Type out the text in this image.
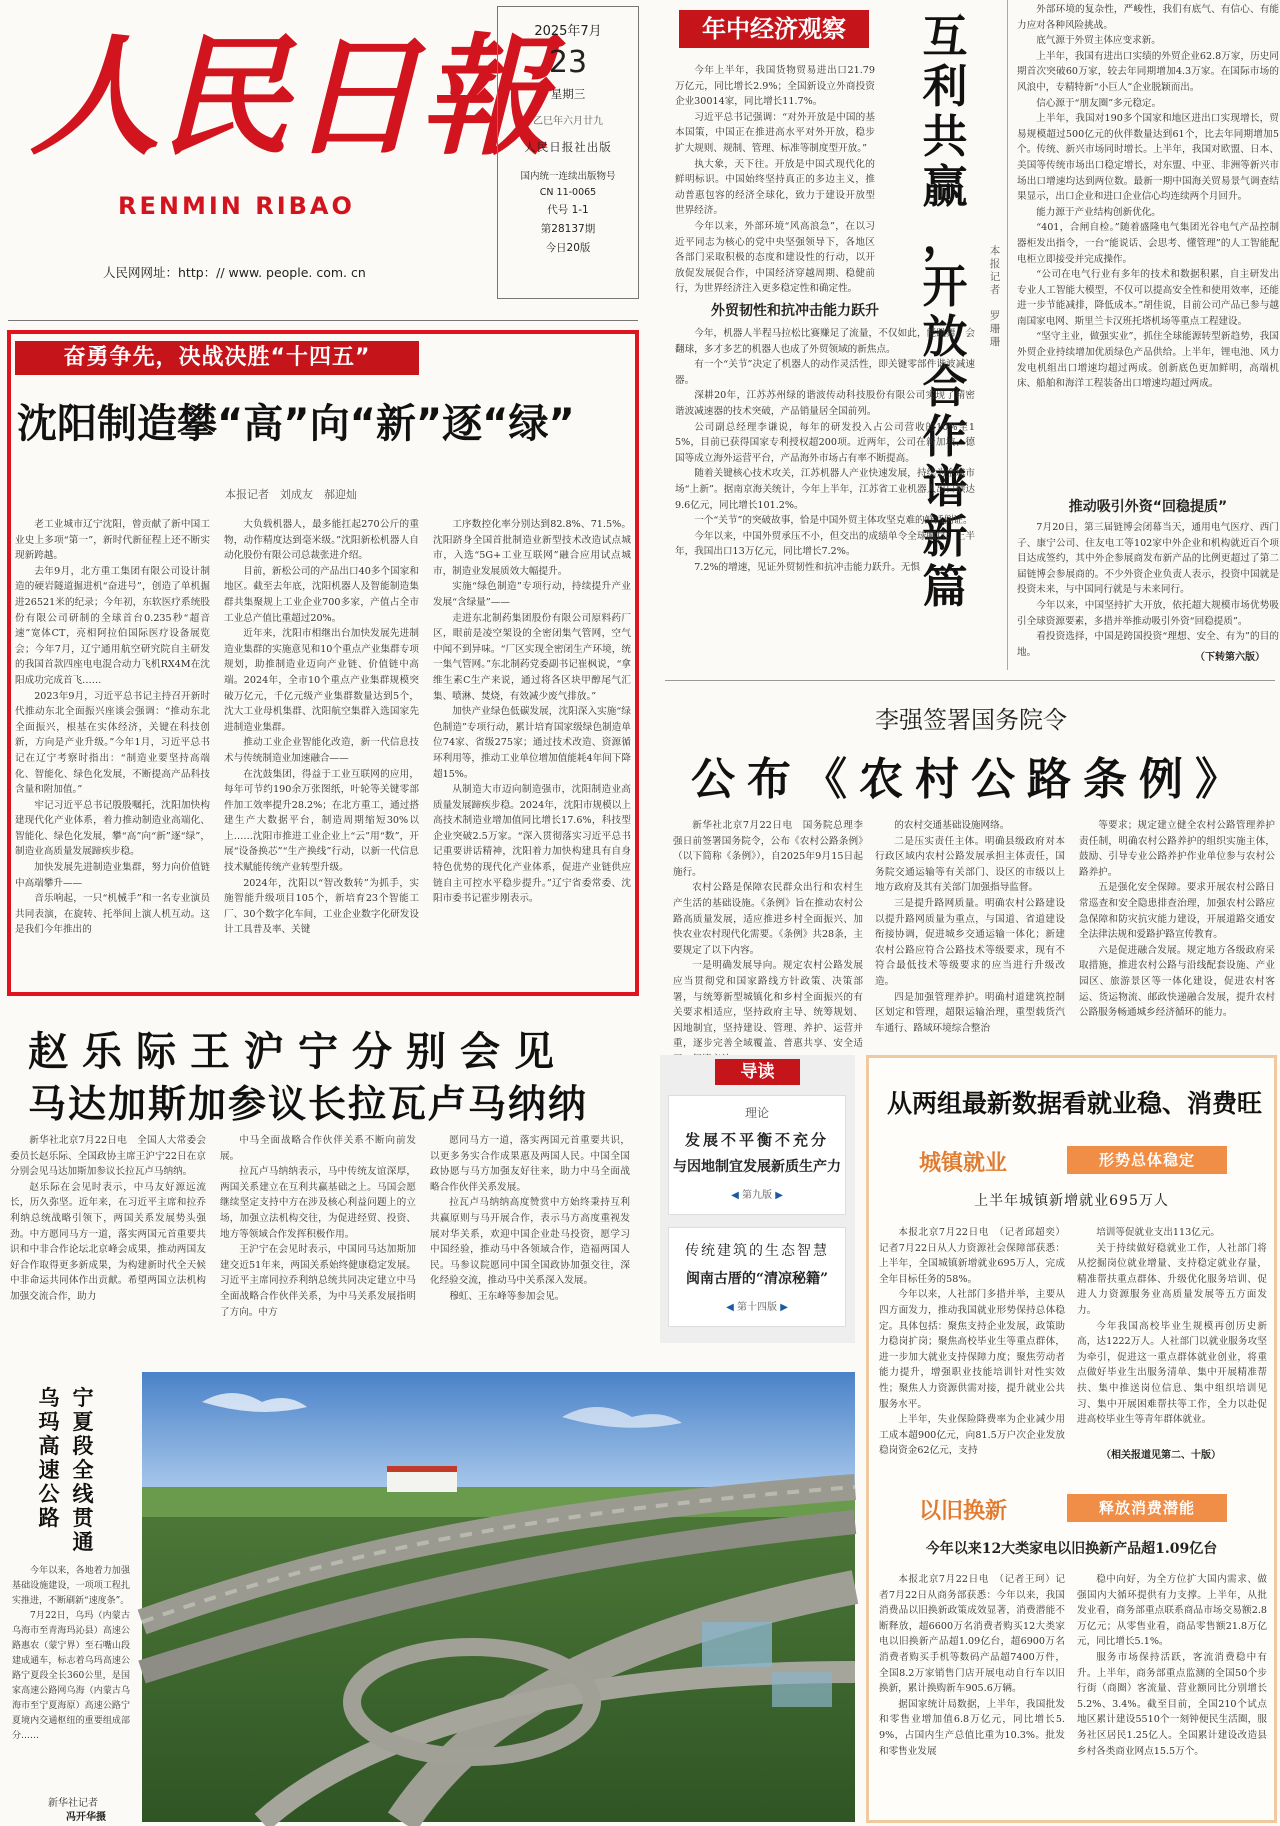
人民日報
RENMIN RIBAO
人民网网址：http：// www. people. com. cn
2025年7月
23
星期三
乙巳年六月廿九
人民日报社出版
国内统一连续出版物号
CN 11-0065
代号 1-1
第28137期
今日20版
奋勇争先，决战决胜“十四五”
沈阳制造攀“高”向“新”逐“绿”
本报记者　刘成友　郝迎灿

老工业城市辽宁沈阳，曾贡献了新中国工业史上多项“第一”，新时代新征程上还不断实现新跨越。

去年9月，北方重工集团有限公司设计制造的硬岩隧道掘进机“奋进号”，创造了单机掘进26521米的纪录；今年初，东软医疗系统股份有限公司研制的全球首台0.235秒“超音速”宽体CT，亮相阿拉伯国际医疗设备展览会；今年7月，辽宁通用航空研究院自主研发的我国首款四座电电混合动力飞机RX4M在沈阳成功完成首飞……

2023年9月，习近平总书记主持召开新时代推动东北全面振兴座谈会强调：“推动东北全面振兴，根基在实体经济，关键在科技创新，方向是产业升级。”今年1月，习近平总书记在辽宁考察时指出：“制造业要坚持高端化、智能化、绿色化发展，不断提高产品科技含量和附加值。”

牢记习近平总书记殷殷嘱托，沈阳加快构建现代化产业体系，着力推动制造业高端化、智能化、绿色化发展，攀“高”向“新”逐“绿”，制造业高质量发展蹄疾步稳。

加快发展先进制造业集群，努力向价值链中高端攀升——

音乐响起，一只“机械手”和一名专业演员共同表演，在旋转、托举间上演人机互动。这是我们今年推出的

大负载机器人，最多能扛起270公斤的重物，动作精度达到毫米级。”沈阳新松机器人自动化股份有限公司总裁张进介绍。

目前，新松公司的产品出口40多个国家和地区。截至去年底，沈阳机器人及智能制造集群共集聚规上工业企业700多家，产值占全市工业总产值比重超过20%。

近年来，沈阳市相继出台加快发展先进制造业集群的实施意见和10个重点产业集群专项规划，助推制造业迈向产业链、价值链中高端。2024年，全市10个重点产业集群规模突破万亿元，千亿元级产业集群数量达到5个，沈大工业母机集群、沈阳航空集群入选国家先进制造业集群。

推动工业企业智能化改造，新一代信息技术与传统制造业加速融合——

在沈鼓集团，得益于工业互联网的应用，每年可节约190余万张图纸，叶轮等关键零部件加工效率提升28.2%；在北方重工，通过搭建生产大数据平台，制造周期缩短30%以上……沈阳市推进工业企业上“云”用“数”，开展“设备换芯”“生产换线”行动，以新一代信息技术赋能传统产业转型升级。

2024年，沈阳以“智改数转”为抓手，实施智能升级项目105个，新培育23个智能工厂、30个数字化车间，工业企业数字化研发设计工具普及率、关键

工序数控化率分别达到82.8%、71.5%。沈阳跻身全国首批制造业新型技术改造试点城市，入选“5G+工业互联网”融合应用试点城市，制造业发展质效大幅提升。

实施“绿色制造”专项行动，持续提升产业发展“含绿量”——

走进东北制药集团股份有限公司原料药厂区，眼前是凌空架设的全密闭集气管网，空气中闻不到异味。“厂区实现全密闭生产环境，统一集气管网。”东北制药党委副书记崔枫说，“拿维生素C生产来说，通过将各区块甲醇尾气汇集、喷淋、焚烧，有效减少废气排放。”

加快产业绿色低碳发展，沈阳深入实施“绿色制造”专项行动，累计培育国家级绿色制造单位74家、省级275家；通过技术改造、资源循环利用等，推动工业单位增加值能耗4年间下降超15%。

从制造大市迈向制造强市，沈阳制造业高质量发展蹄疾步稳。2024年，沈阳市规模以上高技术制造业增加值同比增长17.6%，科技型企业突破2.5万家。“深入贯彻落实习近平总书记重要讲话精神，沈阳着力加快构建具有自身特色优势的现代化产业体系，促进产业链供应链自主可控水平稳步提升。”辽宁省委常委、沈阳市委书记霍步刚表示。

年中经济观察

今年上半年，我国货物贸易进出口21.79万亿元，同比增长2.9%；全国新设立外商投资企业30014家，同比增长11.7%。

习近平总书记强调：“对外开放是中国的基本国策，中国正在推进高水平对外开放，稳步扩大规则、规制、管理、标准等制度型开放。”

执大象，天下往。开放是中国式现代化的鲜明标识。中国始终坚持真正的多边主义，推动普惠包容的经济全球化，致力于建设开放型世界经济。

今年以来，外部环境“风高浪急”，在以习近平同志为核心的党中央坚强领导下，各地区各部门采取积极的态度和建设性的行动，以开放促发展促合作，中国经济穿越周期、稳健前行，为世界经济注入更多稳定性和确定性。

互
利
共
赢
，
开
放
合
作
谱
新
篇
本
报
记
者

罗
珊
珊
外贸韧性和抗冲击能力跃升

今年，机器人半程马拉松比赛赚足了流量，不仅如此，能跳舞、会翻球，多才多艺的机器人也成了外贸领域的新焦点。

有一个“关节”决定了机器人的动作灵活性，即关键零部件谐波减速器。

深耕20年，江苏苏州绿的谐波传动科技股份有限公司实现了精密谐波减速器的技术突破，产品销量居全国前列。

公司副总经理李谦说，每年的研发投入占公司营收的10%至15%，目前已获得国家专利授权超200项。近两年，公司在新加坡、德国等成立海外运营平台，产品海外市场占有率不断提高。

随着关键核心技术攻关，江苏机器人产业快速发展，持续为全球市场“上新”。据南京海关统计，今年上半年，江苏省工业机器人出口额达9.6亿元，同比增长101.2%。

一个“关节”的突破故事，恰是中国外贸主体攻坚克难的鲜活例证。

今年以来，中国外贸承压不小，但交出的成绩单令全球瞩目：上半年，我国出口13万亿元，同比增长7.2%。

7.2%的增速，见证外贸韧性和抗冲击能力跃升。无惧

外部环境的复杂性，严峻性，我们有底气、有信心、有能力应对各种风险挑战。

底气源于外贸主体应变求新。

上半年，我国有进出口实绩的外贸企业62.8万家，历史同期首次突破60万家，较去年同期增加4.3万家。在国际市场的风浪中，专精特新“小巨人”企业脱颖而出。

信心源于“朋友圈”多元稳定。

上半年，我国对190多个国家和地区进出口实现增长，贸易规模超过500亿元的伙伴数量达到61个，比去年同期增加5个。传统、新兴市场同时增长。上半年，我国对欧盟、日本、美国等传统市场出口稳定增长，对东盟、中亚、非洲等新兴市场出口增速均达到两位数。最新一期中国海关贸易景气调查结果显示，出口企业和进口企业信心均连续两个月回升。

能力源于产业结构创新优化。

“401，合闸自检。”随着盛隆电气集团光谷电气产品控制器柜发出指令，一台“能说话、会思考、懂管理”的人工智能配电柜立即接受并完成操作。

“公司在电气行业有多年的技术和数据积累，自主研发出专业人工智能大模型，不仅可以提高安全性和使用效率，还能进一步节能减排，降低成本。”胡佳说，目前公司产品已参与越南国家电网、斯里兰卡汉班托塔机场等重点工程建设。

“坚守主业，做强实业”，抓住全球能源转型新趋势，我国外贸企业持续增加优质绿色产品供给。上半年，锂电池、风力发电机组出口增速均超过两成。创新底色更加鲜明，高端机床、船舶和海洋工程装备出口增速均超过两成。

推动吸引外资“回稳提质”

7月20日，第三届链博会闭幕当天，通用电气医疗、西门子、康宁公司、住友电工等102家中外企业和机构就近百个项目达成签约，其中外企参展商发布新产品的比例更超过了第二届链博会参展商的。不少外资企业负责人表示，投资中国就是投资未来，与中国同行就是与未来同行。

今年以来，中国坚持扩大开放，依托超大规模市场优势吸引全球资源要素，多措并举推动吸引外资“回稳提质”。

看投资选择，中国是跨国投资“理想、安全、有为”的目的地。	（下转第六版）
李强签署国务院令
公布《农村公路条例》

新华社北京7月22日电　国务院总理李强日前签署国务院令，公布《农村公路条例》（以下简称《条例》），自2025年9月15日起施行。

农村公路是保障农民群众出行和农村生产生活的基础设施。《条例》旨在推动农村公路高质量发展，适应推进乡村全面振兴、加快农业农村现代化需要。《条例》共28条，主要规定了以下内容。

一是明确发展导向。规定农村公路发展应当贯彻党和国家路线方针政策、决策部署，与统筹新型城镇化和乡村全面振兴的有关要求相适应，坚持政府主导、统筹规划、因地制宜，坚持建设、管理、养护、运营并重，逐步完善全域覆盖、普惠共享、安全适

的农村交通基础设施网络。

二是压实责任主体。明确县级政府对本行政区域内农村公路发展承担主体责任，国务院交通运输等有关部门、设区的市级以上地方政府及其有关部门加强指导监督。

三是提升路网质量。明确农村公路建设以提升路网质量为重点，与国道、省道建设衔接协调，促进城乡交通运输一体化；新建农村公路应符合公路技术等级要求，现有不符合最低技术等级要求的应当进行升级改造。

四是加强管理养护。明确村道建筑控制区划定和管理，超限运输治理，重型载货汽车通行、路域环境综合整治

等要求；规定建立健全农村公路管理养护责任制，明确农村公路养护的组织实施主体，鼓励、引导专业公路养护作业单位参与农村公路养护。

五是强化安全保障。要求开展农村公路日常巡查和安全隐患排查治理，加强农村公路应急保障和防灾抗灾能力建设，开展道路交通安全法律法规和爱路护路宣传教育。

六是促进融合发展。规定地方各级政府采取措施，推进农村公路与沿线配套设施、产业园区、旅游景区等一体化建设，促进农村客运、货运物流、邮政快递融合发展，提升农村公路服务畅通城乡经济循环的能力。

赵乐际王沪宁分别会见
马达加斯加参议长拉瓦卢马纳纳

新华社北京7月22日电　全国人大常委会委员长赵乐际、全国政协主席王沪宁22日在京分别会见马达加斯加参议长拉瓦卢马纳纳。

赵乐际在会见时表示，中马友好源远流长，历久弥坚。近年来，在习近平主席和拉乔利纳总统战略引领下，两国关系发展势头强劲。中方愿同马方一道，落实两国元首重要共识和中非合作论坛北京峰会成果，推动两国友好合作取得更多新成果，为构建新时代全天候中非命运共同体作出贡献。希望两国立法机构加强交流合作，助力

中马全面战略合作伙伴关系不断向前发展。

拉瓦卢马纳纳表示，马中传统友谊深厚，两国关系建立在互利共赢基础之上。马国会愿继续坚定支持中方在涉及核心利益问题上的立场，加强立法机构交往，为促进经贸、投资、地方等领域合作发挥积极作用。

王沪宁在会见时表示，中国同马达加斯加建交近51年来，两国关系始终健康稳定发展。习近平主席同拉乔利纳总统共同决定建立中马全面战略合作伙伴关系，为中马关系发展指明了方向。中方

愿同马方一道，落实两国元首重要共识，以更多务实合作成果惠及两国人民。中国全国政协愿与马方加强友好往来，助力中马全面战略合作伙伴关系发展。

拉瓦卢马纳纳高度赞赏中方始终秉持互利共赢原则与马开展合作，表示马方高度重视发展对华关系，欢迎中国企业赴马投资，愿学习中国经验，推动马中各领域合作，造福两国人民。马参议院愿同中国全国政协加强交往，深化经验交流，推动马中关系深入发展。

穆虹、王东峰等参加会见。

导读
理论
发展不平衡不充分
与因地制宜发展新质生产力
◀ 第九版 ▶
传统建筑的生态智慧
闽南古厝的“清凉秘籍”
◀ 第十四版 ▶
从两组最新数据看就业稳、消费旺
城镇就业	形势总体稳定
上半年城镇新增就业695万人

本报北京7月22日电　（记者邱超奕）记者7月22日从人力资源社会保障部获悉：上半年，全国城镇新增就业695万人，完成全年目标任务的58%。

今年以来，人社部门多措并举，主要从四方面发力，推动我国就业形势保持总体稳定。具体包括：聚焦支持企业发展，政策助力稳岗扩岗；聚焦高校毕业生等重点群体，进一步加大就业支持保障力度；聚焦劳动者能力提升，增强职业技能培训针对性实效性；聚焦人力资源供需对接，提升就业公共服务水平。

上半年，失业保险降费率为企业减少用工成本超900亿元，向81.5万户次企业发放稳岗资金62亿元，支持

培训等促就业支出113亿元。

关于持续做好稳就业工作，人社部门将从挖掘岗位就业增量、支持稳定就业存量，精准帮扶重点群体、升级优化服务培训、促进人力资源服务业高质量发展等五方面发力。

今年我国高校毕业生规模再创历史新高，达1222万人。人社部门以就业服务攻坚为牵引，促进这一重点群体就业创业，将重点做好毕业生出服务清单、集中开展精准帮扶、集中推送岗位信息、集中组织培训见习、集中开展困难帮扶等工作，全力以赴促进高校毕业生等青年群体就业。

（相关报道见第二、十版）
以旧换新	释放消费潜能
今年以来12大类家电以旧换新产品超1.09亿台

本报北京7月22日电　（记者王珂）记者7月22日从商务部获悉：今年以来，我国消费品以旧换新政策成效显著，消费潜能不断释放，超6600万名消费者购买12大类家电以旧换新产品超1.09亿台，超6900万名消费者购买手机等数码产品超7400万件，全国8.2万家销售门店开展电动自行车以旧换新，累计换购新车905.6万辆。

据国家统计局数据，上半年，我国批发和零售业增加值6.8万亿元，同比增长5.9%，占国内生产总值比重为10.3%。批发和零售业发展

稳中向好，为全方位扩大国内需求、做强国内大循环提供有力支撑。上半年，从批发业看，商务部重点联系商品市场交易额2.8万亿元；从零售业看，商品零售额21.8万亿元，同比增长5.1%。

服务市场保持活跃，客流消费稳中有升。上半年，商务部重点监测的全国50个步行街（商圈）客流量、营业额同比分别增长5.2%、3.4%。截至目前，全国210个试点地区累计建设5510个一刻钟便民生活圈，服务社区居民1.25亿人。全国累计建设改造县乡村各类商业网点15.5万个。

宁
夏
段
全
线
贯
通
乌
玛
高
速
公
路

今年以来，各地着力加强基础设施建设，一项项工程扎实推进，不断刷新“速度条”。

7月22日，乌玛（内蒙古乌海市至青海玛沁县）高速公路惠农（蒙宁界）至石嘴山段建成通车，标志着乌玛高速公路宁夏段全长360公里，是国家高速公路网乌海（内蒙古乌海市至宁夏海原）高速公路宁夏境内交通枢纽的重要组成部分……

新华社记者
冯开华摄
